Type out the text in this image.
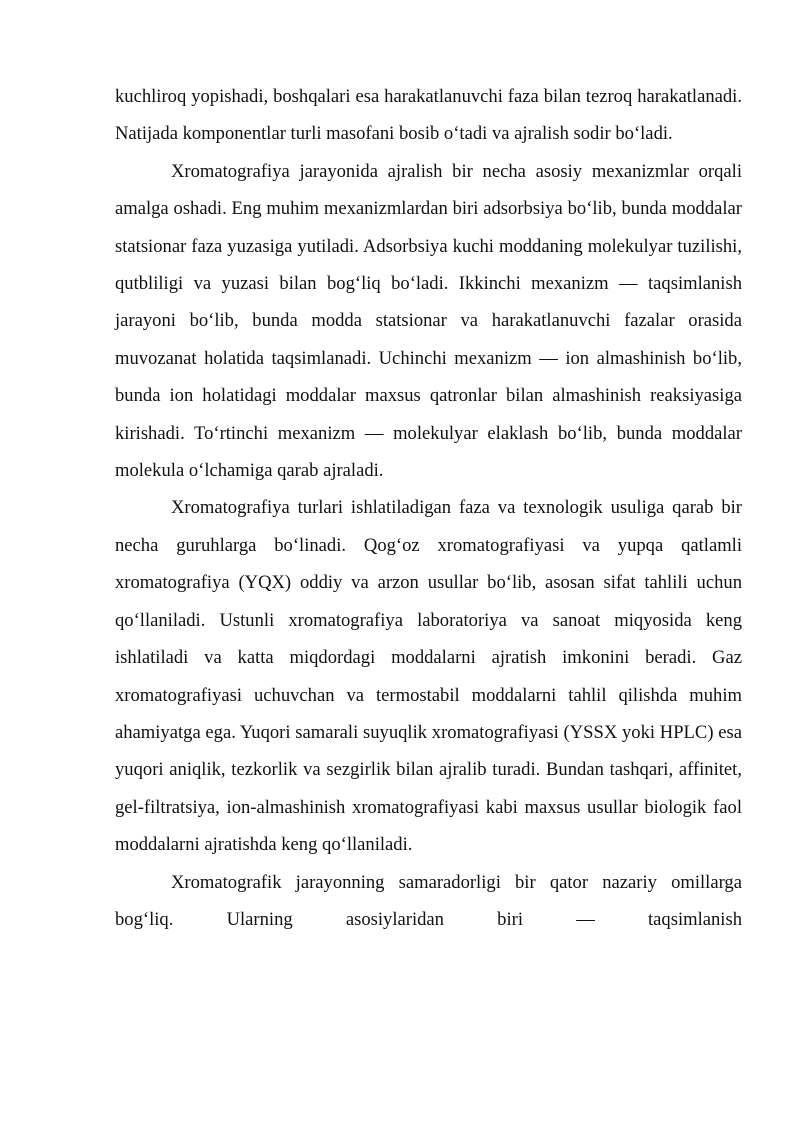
kuchliroq yopishadi, boshqalari esa harakatlanuvchi faza bilan tezroq harakatlanadi. Natijada komponentlar turli masofani bosib o‘tadi va ajralish sodir bo‘ladi.

Xromatografiya jarayonida ajralish bir necha asosiy mexanizmlar orqali amalga oshadi. Eng muhim mexanizmlardan biri adsorbsiya bo‘lib, bunda moddalar statsionar faza yuzasiga yutiladi. Adsorbsiya kuchi moddaning molekulyar tuzilishi, qutbliligi va yuzasi bilan bog‘liq bo‘ladi. Ikkinchi mexanizm — taqsimlanish jarayoni bo‘lib, bunda modda statsionar va harakatlanuvchi fazalar orasida muvozanat holatida taqsimlanadi. Uchinchi mexanizm — ion almashinish bo‘lib, bunda ion holatidagi moddalar maxsus qatronlar bilan almashinish reaksiyasiga kirishadi. To‘rtinchi mexanizm — molekulyar elaklash bo‘lib, bunda moddalar molekula o‘lchamiga qarab ajraladi.

Xromatografiya turlari ishlatiladigan faza va texnologik usuliga qarab bir necha guruhlarga bo‘linadi. Qog‘oz xromatografiyasi va yupqa qatlamli xromatografiya (YQX) oddiy va arzon usullar bo‘lib, asosan sifat tahlili uchun qo‘llaniladi. Ustunli xromatografiya laboratoriya va sanoat miqyosida keng ishlatiladi va katta miqdordagi moddalarni ajratish imkonini beradi. Gaz xromatografiyasi uchuvchan va termostabil moddalarni tahlil qilishda muhim ahamiyatga ega. Yuqori samarali suyuqlik xromatografiyasi (YSSX yoki HPLC) esa yuqori aniqlik, tezkorlik va sezgirlik bilan ajralib turadi. Bundan tashqari, affinitet, gel-filtratsiya, ion-almashinish xromatografiyasi kabi maxsus usullar biologik faol moddalarni ajratishda keng qo‘llaniladi.

Xromatografik jarayonning samaradorligi bir qator nazariy omillarga bog‘liq. Ularning asosiylaridan biri — taqsimlanish
